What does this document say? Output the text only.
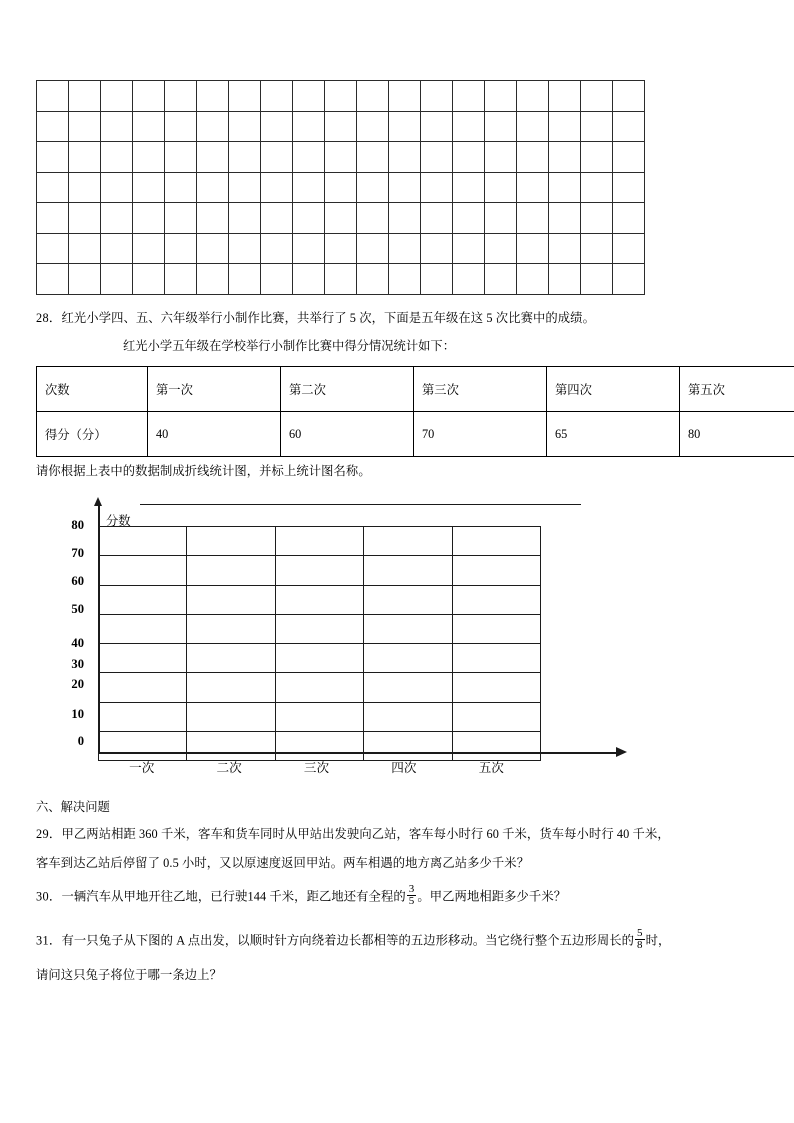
28．红光小学四、五、六年级举行小制作比赛，共举行了 5 次，下面是五年级在这 5 次比赛中的成绩。
红光小学五年级在学校举行小制作比赛中得分情况统计如下：
次数	第一次	第二次	第三次	第四次	第五次
得分（分）	40	60	70	65	80
请你根据上表中的数据制成折线统计图，并标上统计图名称。
分数

80
70
60
50
40
30
20
10
0
一次	二次	三次	四次	五次
六、解决问题
29．甲乙两站相距 360 千米，客车和货车同时从甲站出发驶向乙站，客车每小时行 60 千米，货车每小时行 40 千米，
客车到达乙站后停留了 0.5 小时，又以原速度返回甲站。两车相遇的地方离乙站多少千米？
30．一辆汽车从甲地开往乙地，已行驶144 千米，距乙地还有全程的 $\frac{3}{5}$ 。甲乙两地相距多少千米？
31．有一只兔子从下图的 A 点出发，以顺时针方向绕着边长都相等的五边形移动。当它绕行整个五边形周长的 $\frac{5}{8}$ 时，
请问这只兔子将位于哪一条边上？
